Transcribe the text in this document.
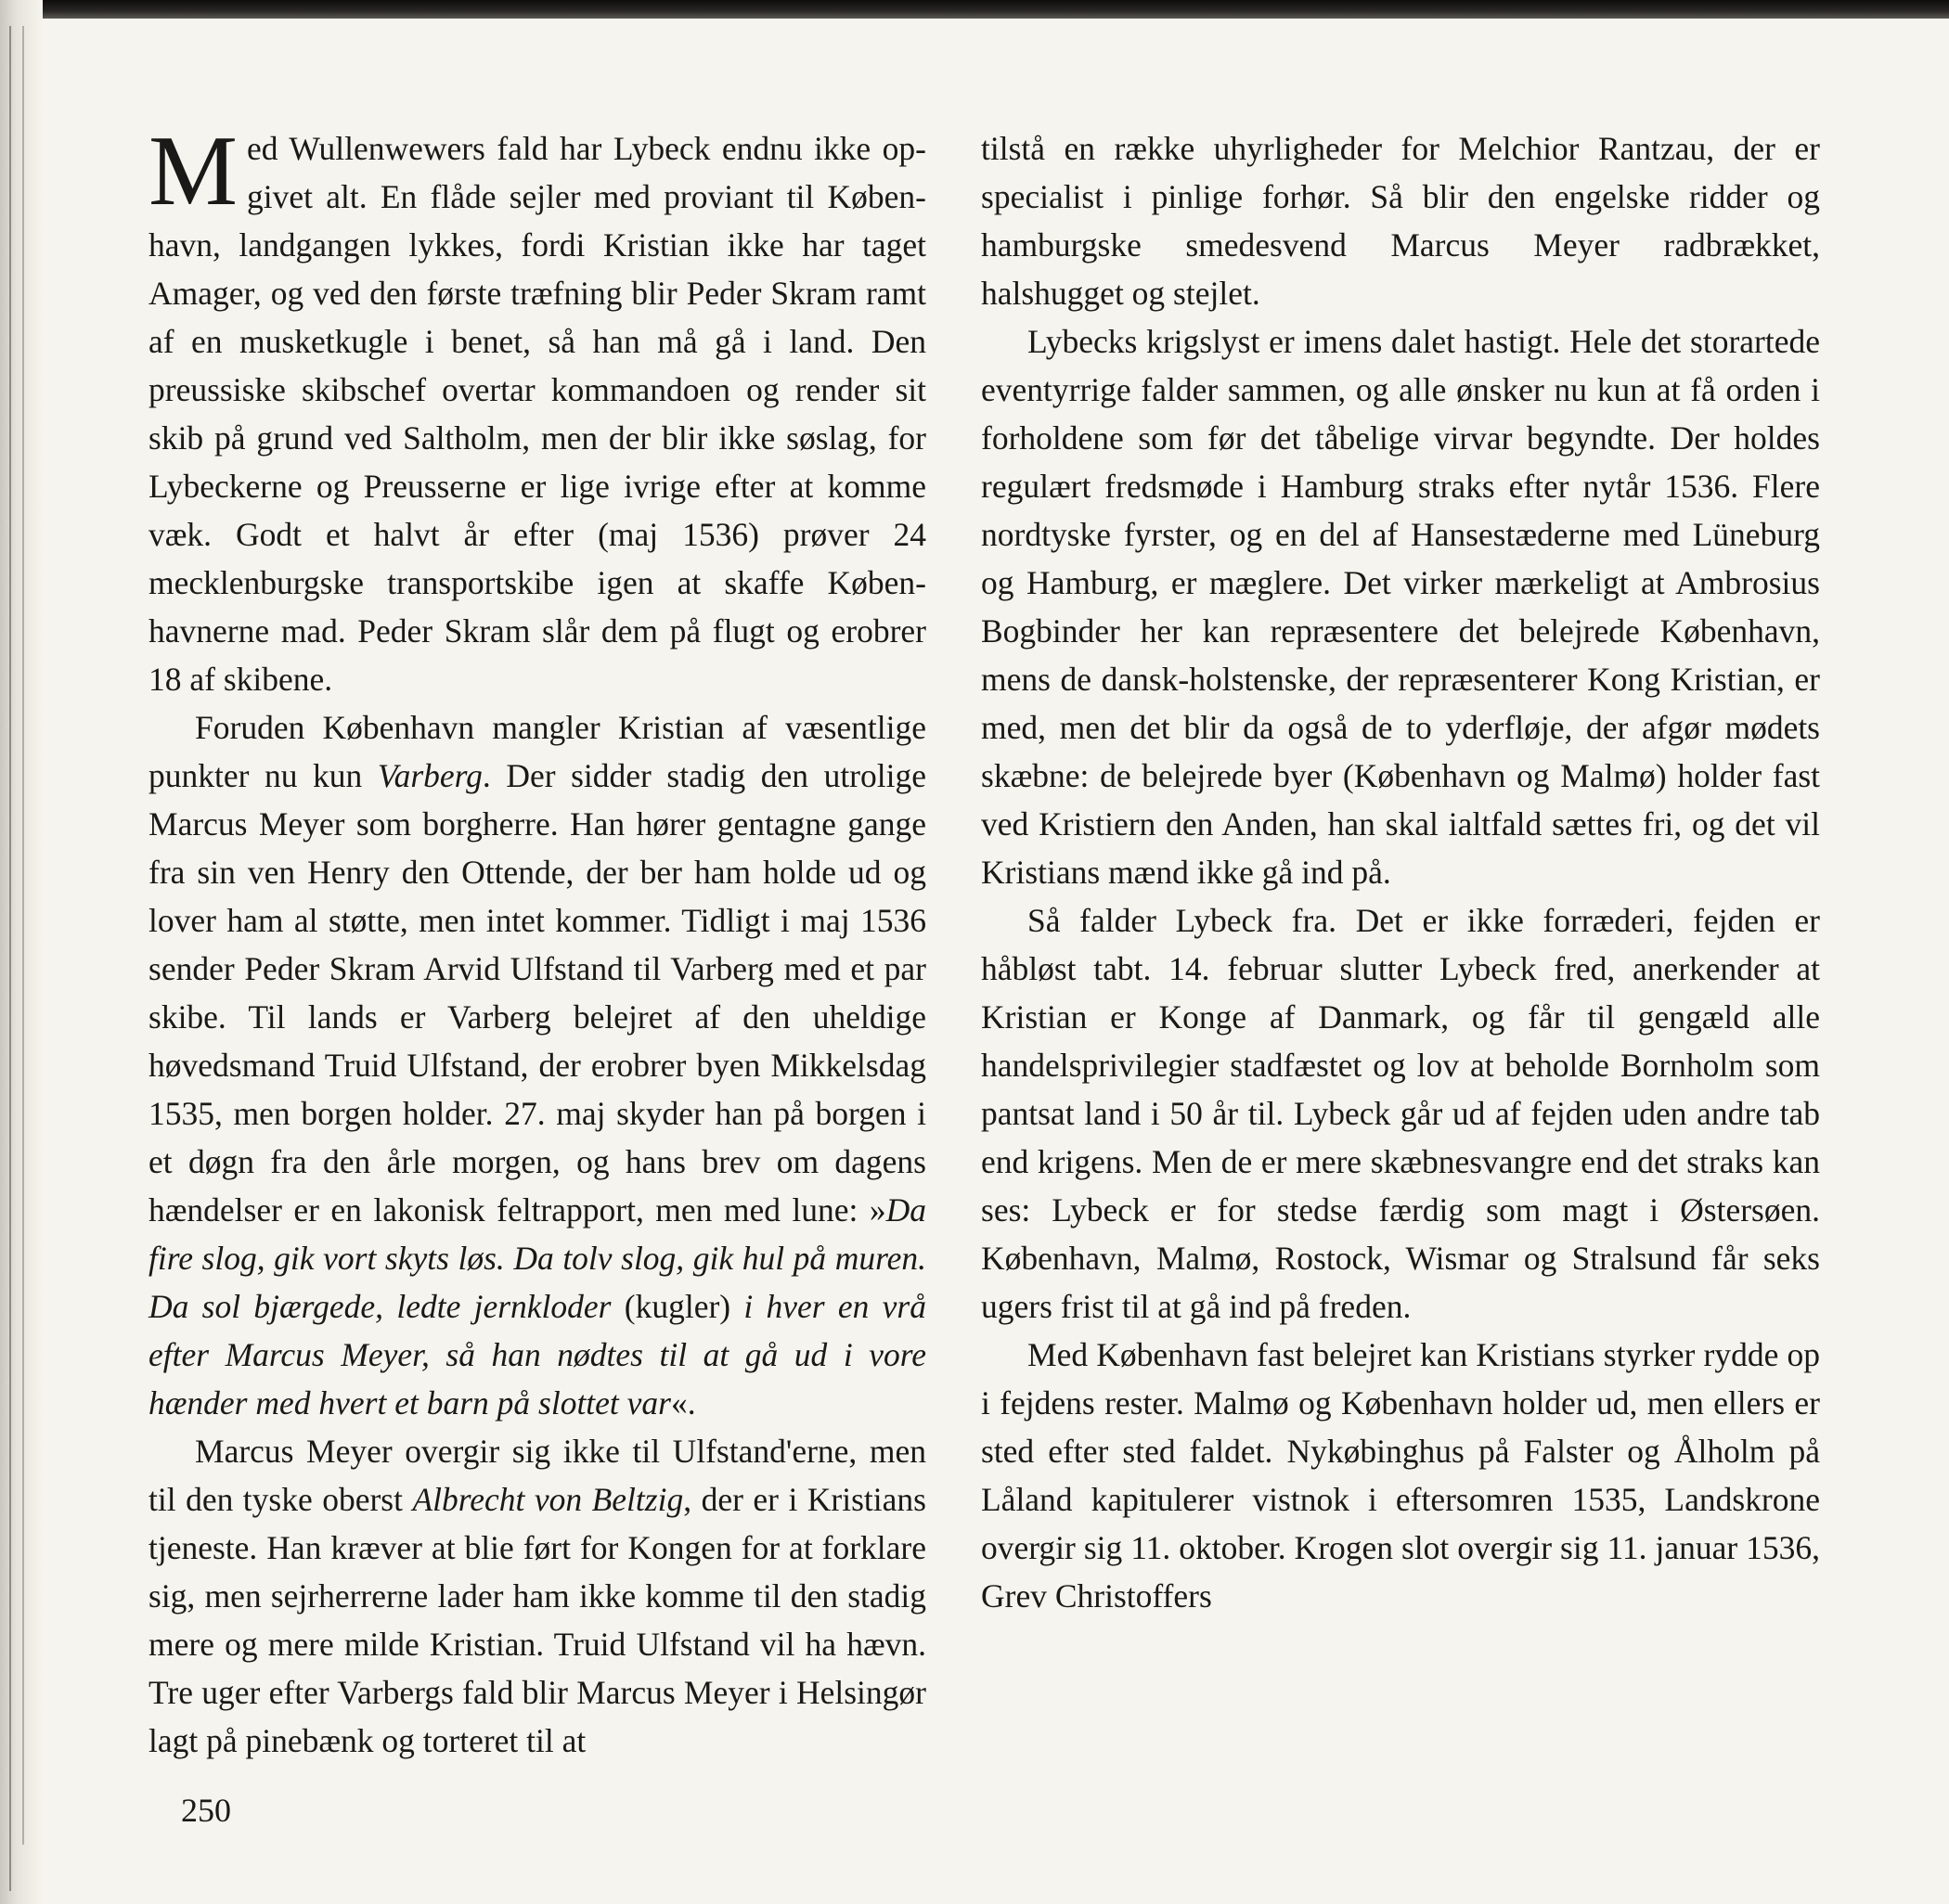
Med Wullenwewers fald har Lybeck endnu ikke opgivet alt. En flåde sejler med proviant til København, landgangen lykkes, fordi Kristian ikke har taget Amager, og ved den første træfning blir Peder Skram ramt af en musketkugle i benet, så han må gå i land. Den preussiske skibschef overtar kommandoen og render sit skib på grund ved Saltholm, men der blir ikke søslag, for Lybeckerne og Preusserne er lige ivrige efter at komme væk. Godt et halvt år efter (maj 1536) prøver 24 mecklenburgske transportskibe igen at skaffe Københavnerne mad. Peder Skram slår dem på flugt og erobrer 18 af skibene.

Foruden København mangler Kristian af væsentlige punkter nu kun Varberg. Der sidder stadig den utrolige Marcus Meyer som borgherre. Han hører gentagne gange fra sin ven Henry den Ottende, der ber ham holde ud og lover ham al støtte, men intet kommer. Tidligt i maj 1536 sender Peder Skram Arvid Ulfstand til Varberg med et par skibe. Til lands er Varberg belejret af den uheldige høvedsmand Truid Ulfstand, der erobrer byen Mikkelsdag 1535, men borgen holder. 27. maj skyder han på borgen i et døgn fra den årle morgen, og hans brev om dagens hændelser er en lakonisk feltrapport, men med lune: »Da fire slog, gik vort skyts løs. Da tolv slog, gik hul på muren. Da sol bjærgede, ledte jernkloder (kugler) i hver en vrå efter Marcus Meyer, så han nødtes til at gå ud i vore hænder med hvert et barn på slottet var«.

Marcus Meyer overgir sig ikke til Ulfstand'erne, men til den tyske oberst Albrecht von Beltzig, der er i Kristians tjeneste. Han kræver at blie ført for Kongen for at forklare sig, men sejrherrerne lader ham ikke komme til den stadig mere og mere milde Kristian. Truid Ulfstand vil ha hævn. Tre uger efter Varbergs fald blir Marcus Meyer i Helsingør lagt på pinebænk og torteret til at

tilstå en række uhyrligheder for Melchior Rantzau, der er specialist i pinlige forhør. Så blir den engelske ridder og hamburgske smedesvend Marcus Meyer radbrækket, halshugget og stejlet.

Lybecks krigslyst er imens dalet hastigt. Hele det storartede eventyrrige falder sammen, og alle ønsker nu kun at få orden i forholdene som før det tåbelige virvar begyndte. Der holdes regulært fredsmøde i Hamburg straks efter nytår 1536. Flere nordtyske fyrster, og en del af Hansestæderne med Lüneburg og Hamburg, er mæglere. Det virker mærkeligt at Ambrosius Bogbinder her kan repræsentere det belejrede København, mens de dansk-holstenske, der repræsenterer Kong Kristian, er med, men det blir da også de to yderfløje, der afgør mødets skæbne: de belejrede byer (København og Malmø) holder fast ved Kristiern den Anden, han skal ialtfald sættes fri, og det vil Kristians mænd ikke gå ind på.

Så falder Lybeck fra. Det er ikke forræderi, fejden er håbløst tabt. 14. februar slutter Lybeck fred, anerkender at Kristian er Konge af Danmark, og får til gengæld alle handelsprivilegier stadfæstet og lov at beholde Bornholm som pantsat land i 50 år til. Lybeck går ud af fejden uden andre tab end krigens. Men de er mere skæbnesvangre end det straks kan ses: Lybeck er for stedse færdig som magt i Østersøen. København, Malmø, Rostock, Wismar og Stralsund får seks ugers frist til at gå ind på freden.

Med København fast belejret kan Kristians styrker rydde op i fejdens rester. Malmø og København holder ud, men ellers er sted efter sted faldet. Nykøbinghus på Falster og Ålholm på Låland kapitulerer vistnok i eftersomren 1535, Landskrone overgir sig 11. oktober. Krogen slot overgir sig 11. januar 1536, Grev Christoffers

250
